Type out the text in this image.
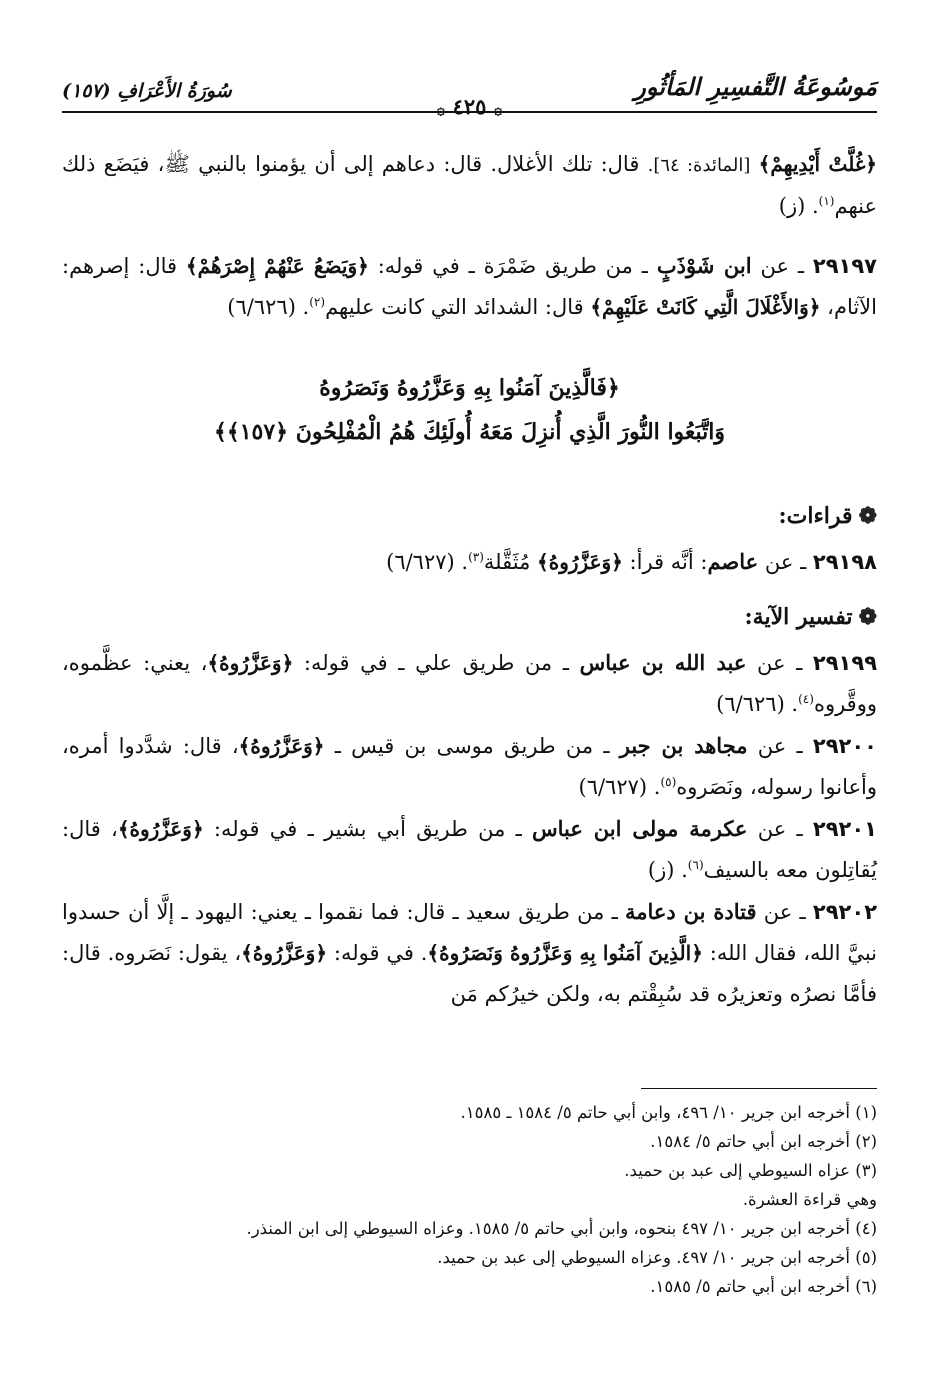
مَوسُوعَةُ التَّفسِيرِ المَأثُورِ
۞ ٤٢٥ ۞
سُورَةُ الأَعْرَافِ (١٥٧)

﴿غُلَّتْ أَيْدِيهِمْ﴾ [المائدة: ٦٤]. قال: تلك الأغلال. قال: دعاهم إلى أن يؤمنوا بالنبي ﷺ، فيَضَع ذلك عنهم$^{(١)}$. (ز)

٢٩١٩٧ ـ عن ابن شَوْذَبٍ ـ من طريق ضَمْرَة ـ في قوله: ﴿وَيَضَعُ عَنْهُمْ إِصْرَهُمْ﴾ قال: إصرهم: الآثام، ﴿وَالأَغْلَالَ الَّتِي كَانَتْ عَلَيْهِمْ﴾ قال: الشدائد التي كانت عليهم$^{(٢)}$. (٦/٦٢٦)

﴿فَالَّذِينَ آمَنُوا بِهِ وَعَزَّرُوهُ وَنَصَرُوهُ
وَاتَّبَعُوا النُّورَ الَّذِي أُنزِلَ مَعَهُ أُولَئِكَ هُمُ الْمُفْلِحُونَ ﴿١٥٧﴾﴾
❁قراءات:

٢٩١٩٨ ـ عن عاصم: أنَّه قرأ: ﴿وَعَزَّرُوهُ﴾ مُثَقَّلة$^{(٣)}$. (٦/٦٢٧)

❁تفسير الآية:

٢٩١٩٩ ـ عن عبد الله بن عباس ـ من طريق علي ـ في قوله: ﴿وَعَزَّرُوهُ﴾، يعني: عظَّموه، ووقَّروه$^{(٤)}$. (٦/٦٢٦)

٢٩٢٠٠ ـ عن مجاهد بن جبر ـ من طريق موسى بن قيس ـ ﴿وَعَزَّرُوهُ﴾، قال: شدَّدوا أمره، وأعانوا رسوله، ونَصَروه$^{(٥)}$. (٦/٦٢٧)

٢٩٢٠١ ـ عن عكرمة مولى ابن عباس ـ من طريق أبي بشير ـ في قوله: ﴿وَعَزَّرُوهُ﴾، قال: يُقاتِلون معه بالسيف$^{(٦)}$. (ز)

٢٩٢٠٢ ـ عن قتادة بن دعامة ـ من طريق سعيد ـ قال: فما نقموا ـ يعني: اليهود ـ إلَّا أن حسدوا نبيَّ الله، فقال الله: ﴿الَّذِينَ آمَنُوا بِهِ وَعَزَّرُوهُ وَنَصَرُوهُ﴾. في قوله: ﴿وَعَزَّرُوهُ﴾، يقول: نَصَروه. قال: فأمَّا نصرُه وتعزيرُه قد سُبِقْتم به، ولكن خيرُكم مَن

(١) أخرجه ابن جرير ١٠/ ٤٩٦، وابن أبي حاتم ٥/ ١٥٨٤ ـ ١٥٨٥.

(٢) أخرجه ابن أبي حاتم ٥/ ١٥٨٤.

(٣) عزاه السيوطي إلى عبد بن حميد.

وهي قراءة العشرة.

(٤) أخرجه ابن جرير ١٠/ ٤٩٧ بنحوه، وابن أبي حاتم ٥/ ١٥٨٥. وعزاه السيوطي إلى ابن المنذر.

(٥) أخرجه ابن جرير ١٠/ ٤٩٧. وعزاه السيوطي إلى عبد بن حميد.

(٦) أخرجه ابن أبي حاتم ٥/ ١٥٨٥.
